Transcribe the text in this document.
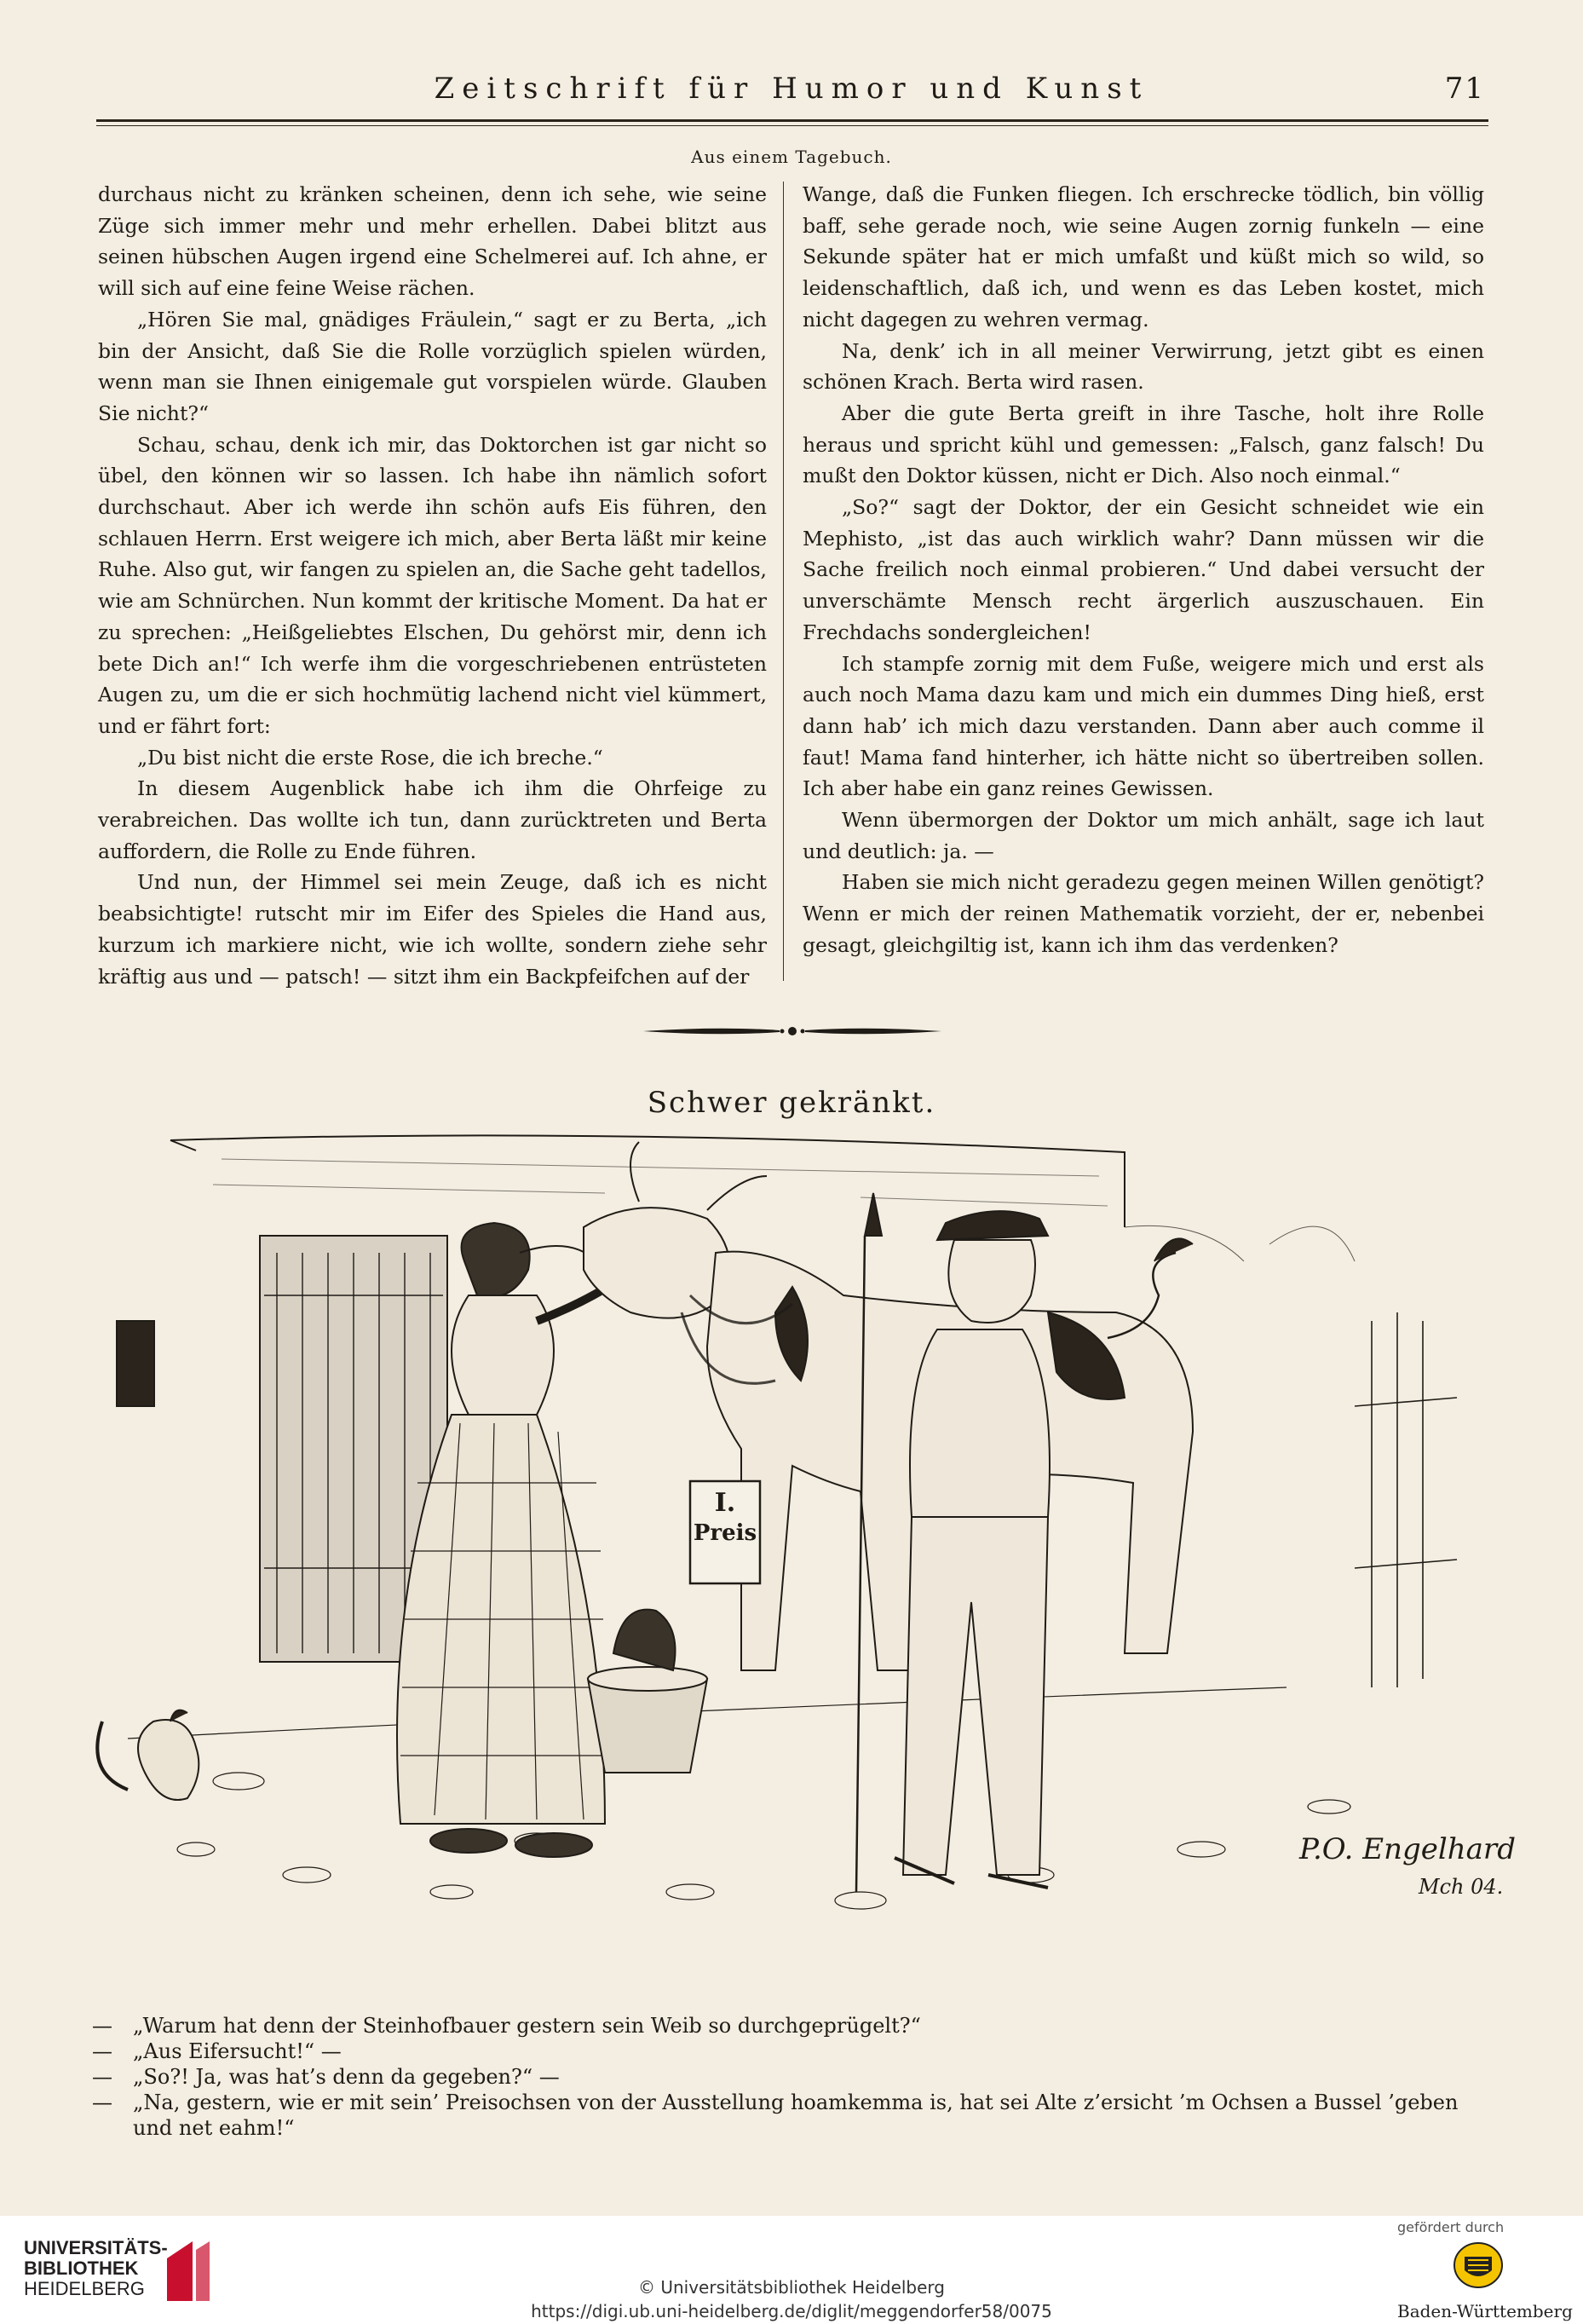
Zeitschrift für Humor und Kunst	71
Aus einem Tagebuch.

durchaus nicht zu kränken scheinen, denn ich sehe, wie seine Züge sich immer mehr und mehr erhellen. Dabei blitzt aus seinen hübschen Augen irgend eine Schelmerei auf. Ich ahne, er will sich auf eine feine Weise rächen.

„Hören Sie mal, gnädiges Fräulein,“ sagt er zu Berta, „ich bin der Ansicht, daß Sie die Rolle vorzüglich spielen würden, wenn man sie Ihnen einigemale gut vorspielen würde. Glauben Sie nicht?“

Schau, schau, denk ich mir, das Doktorchen ist gar nicht so übel, den können wir so lassen. Ich habe ihn nämlich sofort durchschaut. Aber ich werde ihn schön aufs Eis führen, den schlauen Herrn. Erst weigere ich mich, aber Berta läßt mir keine Ruhe. Also gut, wir fangen zu spielen an, die Sache geht tadellos, wie am Schnürchen. Nun kommt der kritische Moment. Da hat er zu sprechen: „Heißgeliebtes Elschen, Du gehörst mir, denn ich bete Dich an!“ Ich werfe ihm die vorgeschriebenen entrüsteten Augen zu, um die er sich hochmütig lachend nicht viel kümmert, und er fährt fort:

„Du bist nicht die erste Rose, die ich breche.“

In diesem Augenblick habe ich ihm die Ohrfeige zu verabreichen. Das wollte ich tun, dann zurücktreten und Berta auffordern, die Rolle zu Ende führen.

Und nun, der Himmel sei mein Zeuge, daß ich es nicht beabsichtigte! rutscht mir im Eifer des Spieles die Hand aus, kurzum ich markiere nicht, wie ich wollte, sondern ziehe sehr kräftig aus und — patsch! — sitzt ihm ein Backpfeifchen auf der

Wange, daß die Funken fliegen. Ich erschrecke tödlich, bin völlig baff, sehe gerade noch, wie seine Augen zornig funkeln — eine Sekunde später hat er mich umfaßt und küßt mich so wild, so leidenschaftlich, daß ich, und wenn es das Leben kostet, mich nicht dagegen zu wehren vermag.

Na, denk’ ich in all meiner Verwirrung, jetzt gibt es einen schönen Krach. Berta wird rasen.

Aber die gute Berta greift in ihre Tasche, holt ihre Rolle heraus und spricht kühl und gemessen: „Falsch, ganz falsch! Du mußt den Doktor küssen, nicht er Dich. Also noch einmal.“

„So?“ sagt der Doktor, der ein Gesicht schneidet wie ein Mephisto, „ist das auch wirklich wahr? Dann müssen wir die Sache freilich noch einmal probieren.“ Und dabei versucht der unverschämte Mensch recht ärgerlich auszuschauen. Ein Frechdachs sondergleichen!

Ich stampfe zornig mit dem Fuße, weigere mich und erst als auch noch Mama dazu kam und mich ein dummes Ding hieß, erst dann hab’ ich mich dazu verstanden. Dann aber auch comme il faut! Mama fand hinterher, ich hätte nicht so übertreiben sollen. Ich aber habe ein ganz reines Gewissen.

Wenn übermorgen der Doktor um mich anhält, sage ich laut und deutlich: ja. —

Haben sie mich nicht geradezu gegen meinen Willen genötigt? Wenn er mich der reinen Mathematik vorzieht, der er, nebenbei gesagt, gleichgiltig ist, kann ich ihm das verdenken?

Schwer gekränkt.
I.
Preis
P.O. Engelhard
Mch 04.
— „Warum hat denn der Steinhofbauer gestern sein Weib so durchgeprügelt?“
— „Aus Eifersucht!“ —
— „So?! Ja, was hat’s denn da gegeben?“ —
— „Na, gestern, wie er mit sein’ Preisochsen von der Ausstellung hoamkemma is, hat sei Alte z’ersicht ’m Ochsen a Bussel ’geben und net eahm!“
UNIVERSITÄTS-
BIBLIOTHEK
HEIDELBERG	© Universitätsbibliothek Heidelberg
https://digi.ub.uni-heidelberg.de/diglit/meggendorfer58/0075
gefördert durch
Baden-Württemberg
